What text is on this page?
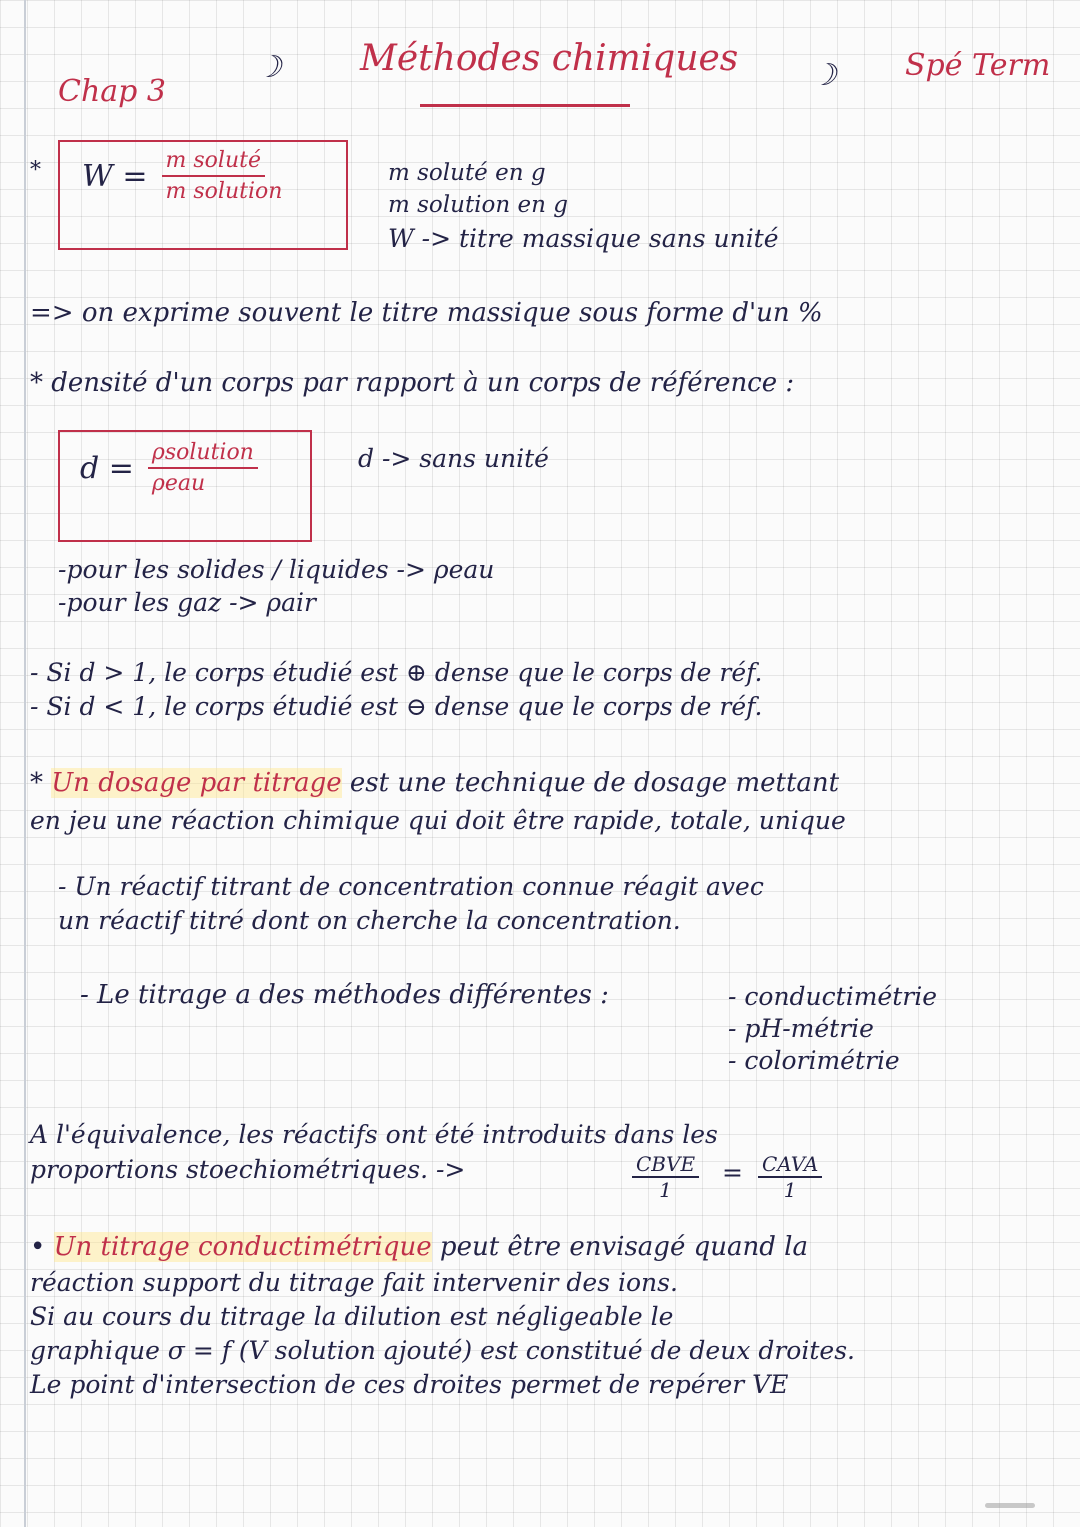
Chap 3
☽ Méthodes chimiques ☽ Spé Term
* $W = \frac{\text{m soluté}}{\text{m solution}}$	m soluté en g
m solution en g
W -> titre massique sans unité
=> on exprime souvent le titre massique sous forme d'un %
* densité d'un corps par rapport à un corps de référence :
$d = \frac{\text{ρsolution}}{\text{ρeau}}$	d -> sans unité
-pour les solides / liquides -> ρeau
-pour les gaz -> ρair
- Si d > 1, le corps étudié est ⊕ dense que le corps de réf.
- Si d < 1, le corps étudié est ⊖ dense que le corps de réf.
* Un dosage par titrage est une technique de dosage mettant
en jeu une réaction chimique qui doit être rapide, totale, unique
- Un réactif titrant de concentration connue réagit avec
un réactif titré dont on cherche la concentration.
- Le titrage a des méthodes différentes :	- conductimétrie
- pH-métrie
- colorimétrie
A l'équivalence, les réactifs ont été introduits dans les
proportions stoechiométriques. ->	CBVE
1
= CAVA
1
• Un titrage conductimétrique peut être envisagé quand la
réaction support du titrage fait intervenir des ions.
Si au cours du titrage la dilution est négligeable le
graphique σ = f (V solution ajouté) est constitué de deux droites.
Le point d'intersection de ces droites permet de repérer VE
